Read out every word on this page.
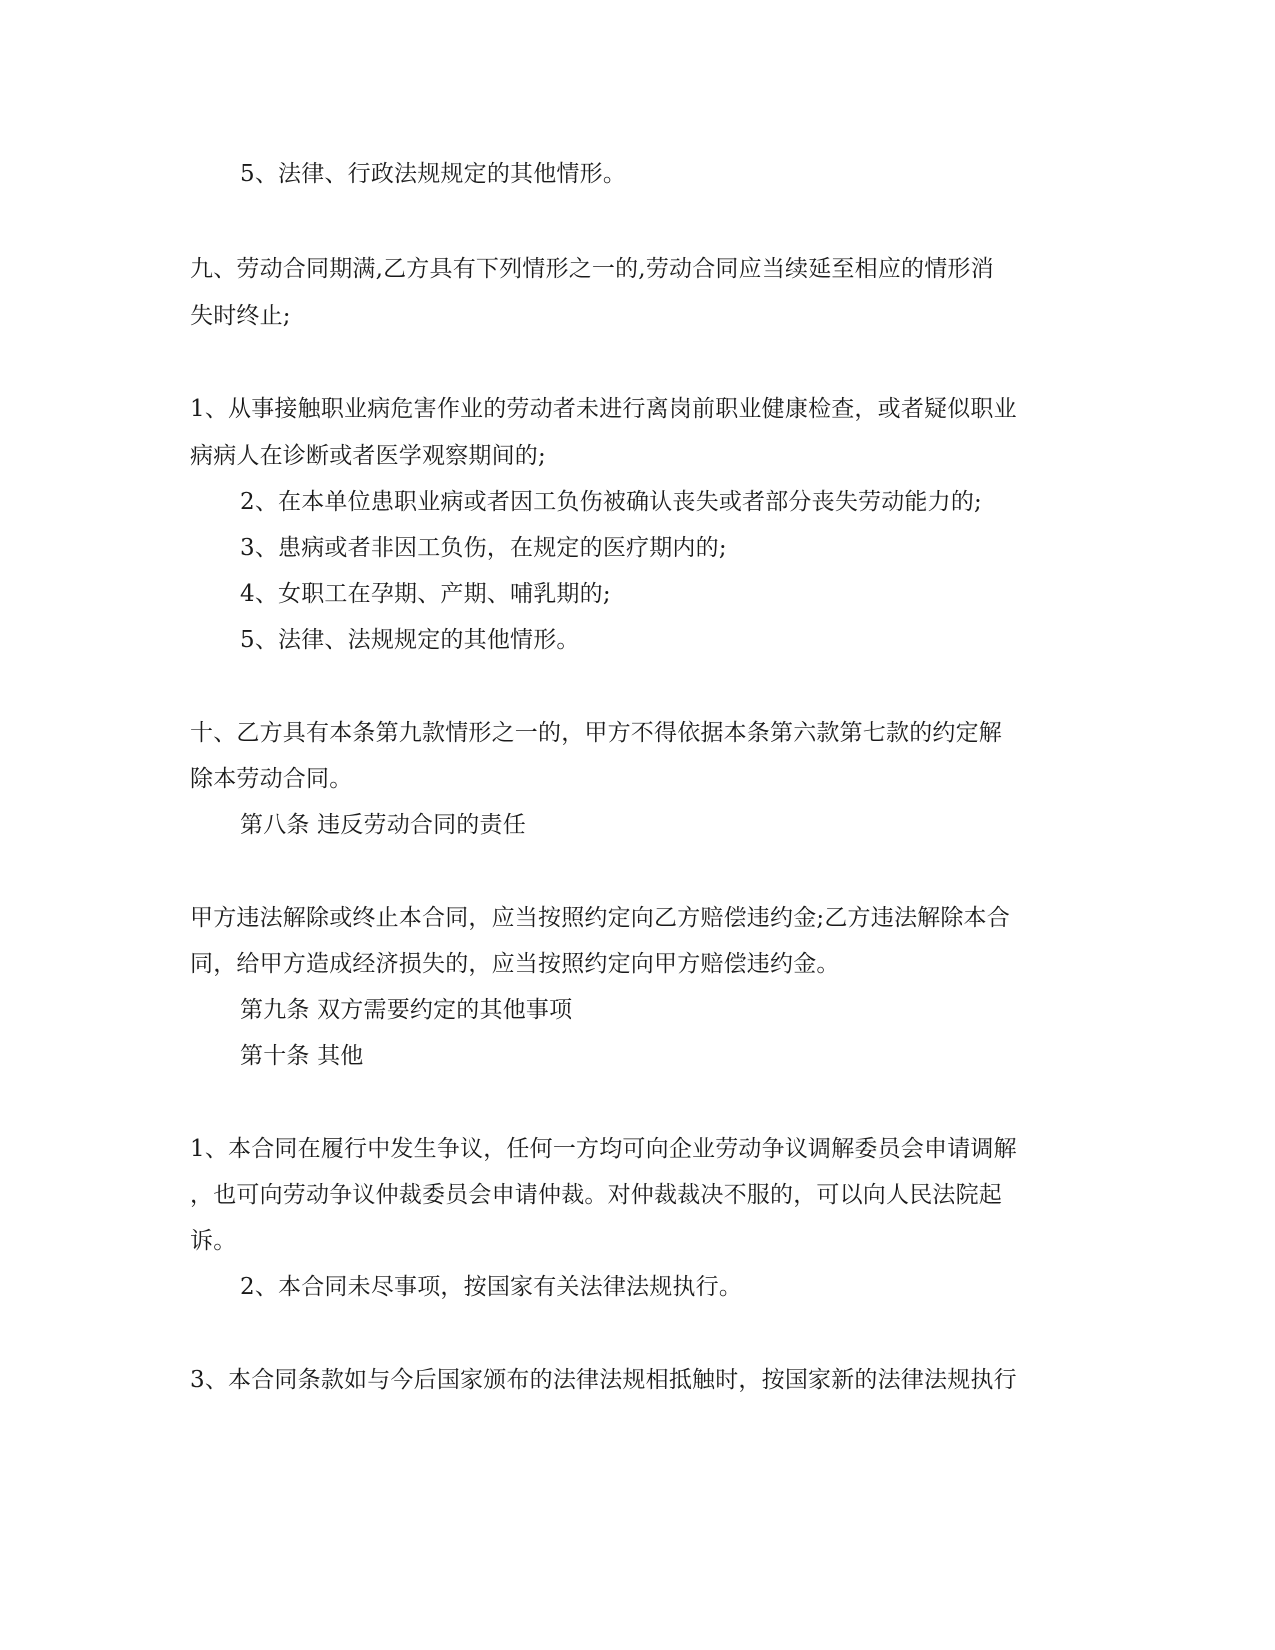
5、法律、行政法规规定的其他情形。
九、劳动合同期满,乙方具有下列情形之一的,劳动合同应当续延至相应的情形消
失时终止;
1、从事接触职业病危害作业的劳动者未进行离岗前职业健康检查，或者疑似职业
病病人在诊断或者医学观察期间的;
2、在本单位患职业病或者因工负伤被确认丧失或者部分丧失劳动能力的;
3、患病或者非因工负伤，在规定的医疗期内的;
4、女职工在孕期、产期、哺乳期的;
5、法律、法规规定的其他情形。
十、乙方具有本条第九款情形之一的，甲方不得依据本条第六款第七款的约定解
除本劳动合同。
第八条 违反劳动合同的责任
甲方违法解除或终止本合同，应当按照约定向乙方赔偿违约金;乙方违法解除本合
同，给甲方造成经济损失的，应当按照约定向甲方赔偿违约金。
第九条 双方需要约定的其他事项
第十条 其他
1、本合同在履行中发生争议，任何一方均可向企业劳动争议调解委员会申请调解
，也可向劳动争议仲裁委员会申请仲裁。对仲裁裁决不服的，可以向人民法院起
诉。
2、本合同未尽事项，按国家有关法律法规执行。
3、本合同条款如与今后国家颁布的法律法规相抵触时，按国家新的法律法规执行
